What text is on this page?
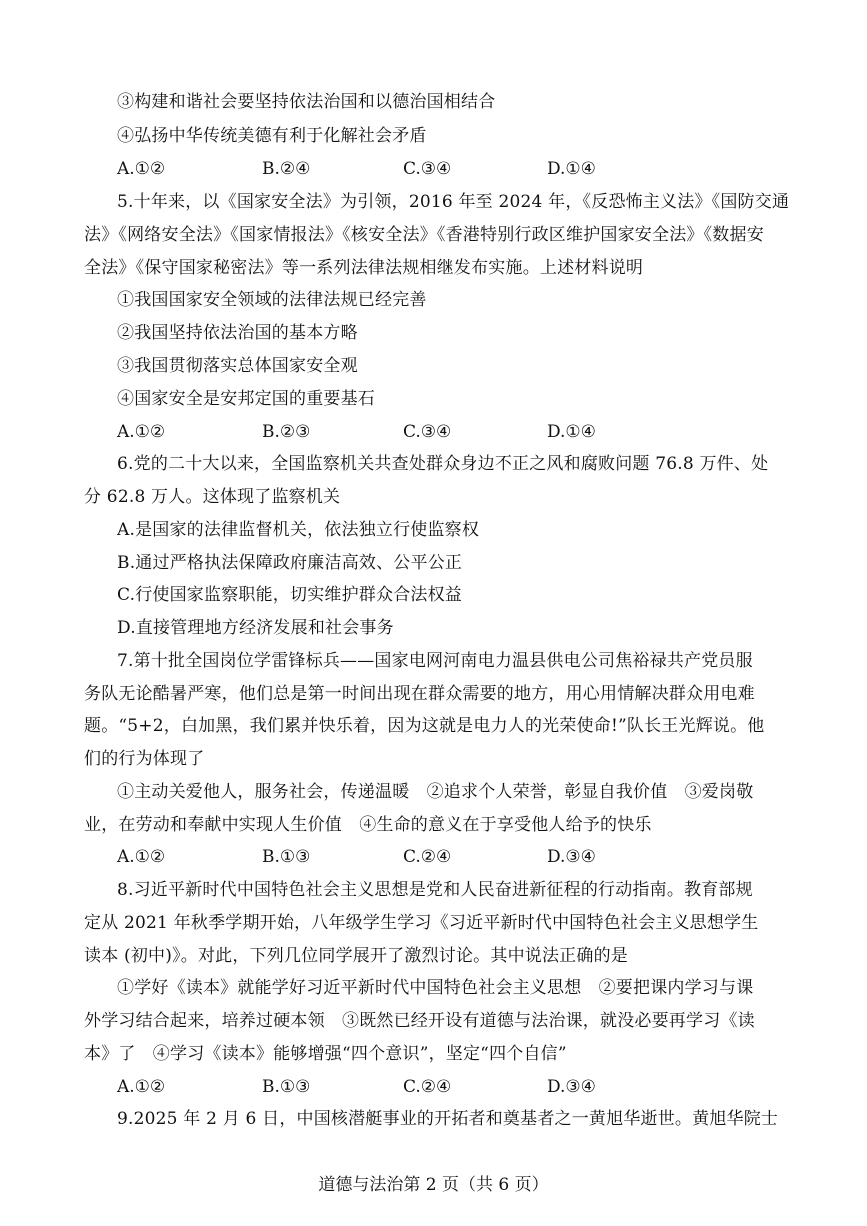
③构建和谐社会要坚持依法治国和以德治国相结合
④弘扬中华传统美德有利于化解社会矛盾
A.①②	B.②④	C.③④	D.①④
5.十年来，以《国家安全法》为引领，2016 年至 2024 年，《反恐怖主义法》《国防交通
法》《网络安全法》《国家情报法》《核安全法》《香港特别行政区维护国家安全法》《数据安
全法》《保守国家秘密法》等一系列法律法规相继发布实施。上述材料说明
①我国国家安全领域的法律法规已经完善
②我国坚持依法治国的基本方略
③我国贯彻落实总体国家安全观
④国家安全是安邦定国的重要基石
A.①②	B.②③	C.③④	D.①④
6.党的二十大以来，全国监察机关共查处群众身边不正之风和腐败问题 76.8 万件、处
分 62.8 万人。这体现了监察机关
A.是国家的法律监督机关，依法独立行使监察权
B.通过严格执法保障政府廉洁高效、公平公正
C.行使国家监察职能，切实维护群众合法权益
D.直接管理地方经济发展和社会事务
7.第十批全国岗位学雷锋标兵——国家电网河南电力温县供电公司焦裕禄共产党员服
务队无论酷暑严寒，他们总是第一时间出现在群众需要的地方，用心用情解决群众用电难
题。“5+2，白加黑，我们累并快乐着，因为这就是电力人的光荣使命!”队长王光辉说。他
们的行为体现了
①主动关爱他人，服务社会，传递温暖　②追求个人荣誉，彰显自我价值　③爱岗敬
业，在劳动和奉献中实现人生价值　④生命的意义在于享受他人给予的快乐
A.①②	B.①③	C.②④	D.③④
8.习近平新时代中国特色社会主义思想是党和人民奋进新征程的行动指南。教育部规
定从 2021 年秋季学期开始，八年级学生学习《习近平新时代中国特色社会主义思想学生
读本 (初中)》。对此，下列几位同学展开了激烈讨论。其中说法正确的是
①学好《读本》就能学好习近平新时代中国特色社会主义思想　②要把课内学习与课
外学习结合起来，培养过硬本领　③既然已经开设有道德与法治课，就没必要再学习《读
本》了　④学习《读本》能够增强“四个意识”，坚定“四个自信”
A.①②	B.①③	C.②④	D.③④
9.2025 年 2 月 6 日，中国核潜艇事业的开拓者和奠基者之一黄旭华逝世。黄旭华院士
道德与法治第 2 页（共 6 页）
